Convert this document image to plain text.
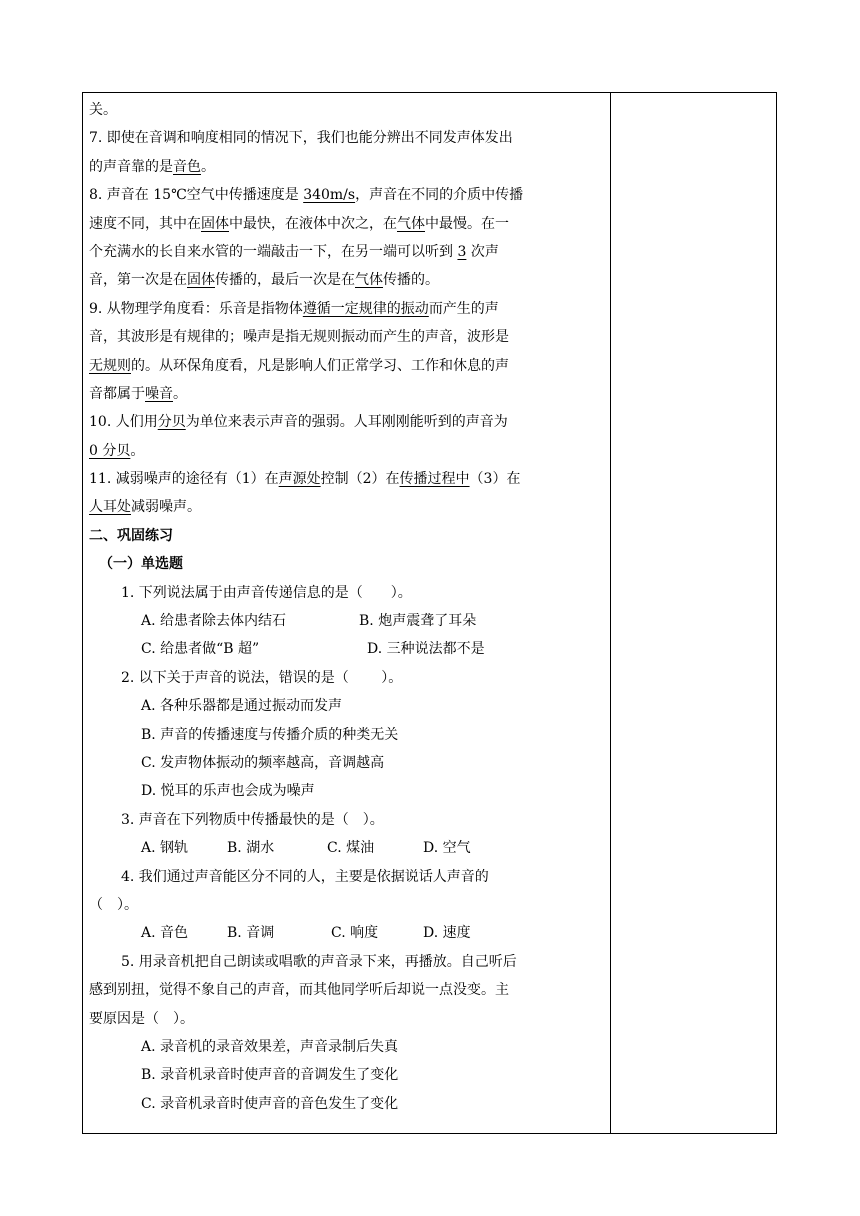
关。
7. 即使在音调和响度相同的情况下，我们也能分辨出不同发声体发出
的声音靠的是音色。
8. 声音在 15℃空气中传播速度是 340m/s，声音在不同的介质中传播
速度不同，其中在固体中最快，在液体中次之，在气体中最慢。在一
个充满水的长自来水管的一端敲击一下，在另一端可以听到 3 次声
音，第一次是在固体传播的，最后一次是在气体传播的。
9. 从物理学角度看：乐音是指物体遵循一定规律的振动而产生的声
音，其波形是有规律的；噪声是指无规则振动而产生的声音，波形是
无规则的。从环保角度看，凡是影响人们正常学习、工作和休息的声
音都属于噪音。
10. 人们用分贝为单位来表示声音的强弱。人耳刚刚能听到的声音为
0 分贝。
11. 减弱噪声的途径有（1）在声源处控制（2）在传播过程中（3）在
人耳处减弱噪声。
二、巩固练习
（一）单选题
1. 下列说法属于由声音传递信息的是（　　）。
A. 给患者除去体内结石	B. 炮声震聋了耳朵
C. 给患者做“B 超”	D. 三种说法都不是
2. 以下关于声音的说法，错误的是（　　 ）。
A. 各种乐器都是通过振动而发声
B. 声音的传播速度与传播介质的种类无关
C. 发声物体振动的频率越高，音调越高
D. 悦耳的乐声也会成为噪声
3. 声音在下列物质中传播最快的是（　）。
A. 钢轨	B. 湖水	C. 煤油	D. 空气
4. 我们通过声音能区分不同的人，主要是依据说话人声音的
（　）。
A. 音色	B. 音调	C. 响度	D. 速度
5. 用录音机把自己朗读或唱歌的声音录下来，再播放。自己听后
感到别扭，觉得不象自己的声音，而其他同学听后却说一点没变。主
要原因是（　）。
A. 录音机的录音效果差，声音录制后失真
B. 录音机录音时使声音的音调发生了变化
C. 录音机录音时使声音的音色发生了变化
